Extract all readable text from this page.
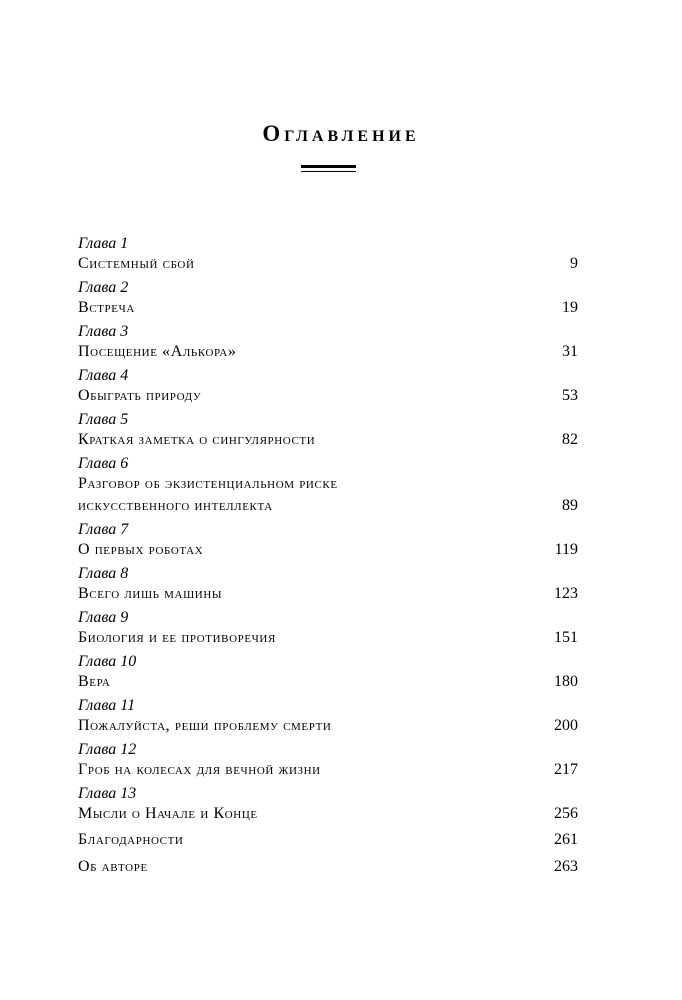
Оглавление
Глава 1
Системный сбой	9
Глава 2
Встреча	19
Глава 3
Посещение «Алькора»	31
Глава 4
Обыграть природу	53
Глава 5
Краткая заметка о сингулярности	82
Глава 6
Разговор об экзистенциальном риске
искусственного интеллекта	89
Глава 7
О первых роботах	119
Глава 8
Всего лишь машины	123
Глава 9
Биология и ее противоречия	151
Глава 10
Вера	180
Глава 11
Пожалуйста, реши проблему смерти	200
Глава 12
Гроб на колесах для вечной жизни	217
Глава 13
Мысли о Начале и Конце	256
Благодарности	261
Об авторе	263
